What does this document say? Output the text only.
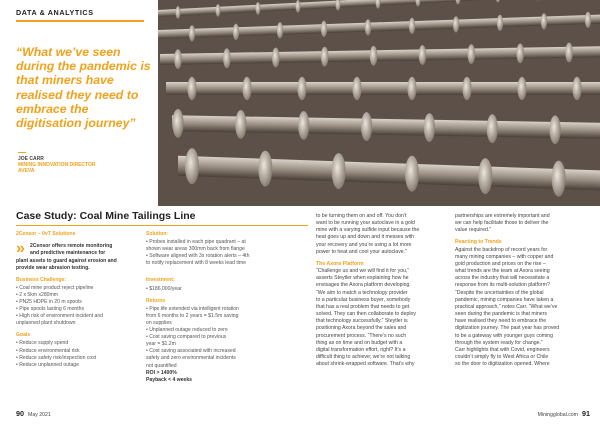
DATA & ANALYTICS
“What we’ve seen during the pandemic is that miners have realised they need to embrace the digitisation journey”
JOE CARR
MINING INNOVATION DIRECTOR
AVEVA
Case Study: Coal Mine Tailings Line
2Censor – 0vT Solutions
» 2Censor offers remote monitoring
and predictive maintenance for
plant assets to guard against erosion and provide wear abrasion testing.
Business Challenge:
• Coal mine product reject pipeline
• 2 x 5km x280mm
• PN25 HDPE in 20 m spools
• Pipe spools lasting 6 months
• High risk of environment incident and
unplanned plant shutdown
Goals
• Reduce supply spend
• Reduce environmental risk
• Reduce safety risk/inspection cost
• Reduce unplanned outage
Solution:
• Probes installed in each pipe quadrant – at
shown wear areas 300mm back from flange
• Software aligned with 3x rotation alerts – 4th
to notify replacement with 8 weeks lead time
Investment:
• $186,000/year
Returns
• Pipe life extended via intelligent rotation
from 6 months to 2 years = $1.5m saving
on supplies
• Unplanned outage reduced to zero
• Cost saving compared to previous
year = $1.2m
• Cost saving associated with increased
safety and zero environmental incidents
not quantified
ROI > 1400%
Payback < 4 weeks
to be turning them on and off. You don’t
want to be running your autoclave in a gold
mine with a varying sulfide input because the
heat goes up and down and it messes with
your recovery and you’re using a lot more
power to heat and cool your autoclave.”
The Axora Platform
“Challenge us and we will find it for you,”
asserts Steytler when explaining how he
envisages the Axora platform developing.
“We aim to match a technology provider
to a particular business buyer, somebody
that has a real problem that needs to get
solved. They can then collaborate to deploy
that technology successfully.” Steytler is
positioning Axora beyond the sales and
procurement process. “There’s no such
thing as on time and on budget with a
digital transformation effort, right? It’s a
difficult thing to achieve; we’re not talking
about shrink-wrapped software. That’s why
partnerships are extremely important and
we can help facilitate those to deliver the
value required.”
Reacting to Trends
Against the backdrop of record years for
many mining companies – with copper and
gold production and prices on the rise –
what trends are the team at Axora seeing
across the industry that will necessitate a
response from its multi-solution platform?
“Despite the uncertainties of the global
pandemic, mining companies have taken a
practical approach,” notes Carr. “What we’ve
seen during the pandemic is that miners
have realised they need to embrace the
digitization journey. The past year has proved
to be a gateway with younger guys coming
through the system ready for change.”
Carr highlights that with Covid, engineers
couldn’t simply fly to West Africa or Chile
so the door to digitization opened. Where
90 May 2021	Miningglobal.com 91
